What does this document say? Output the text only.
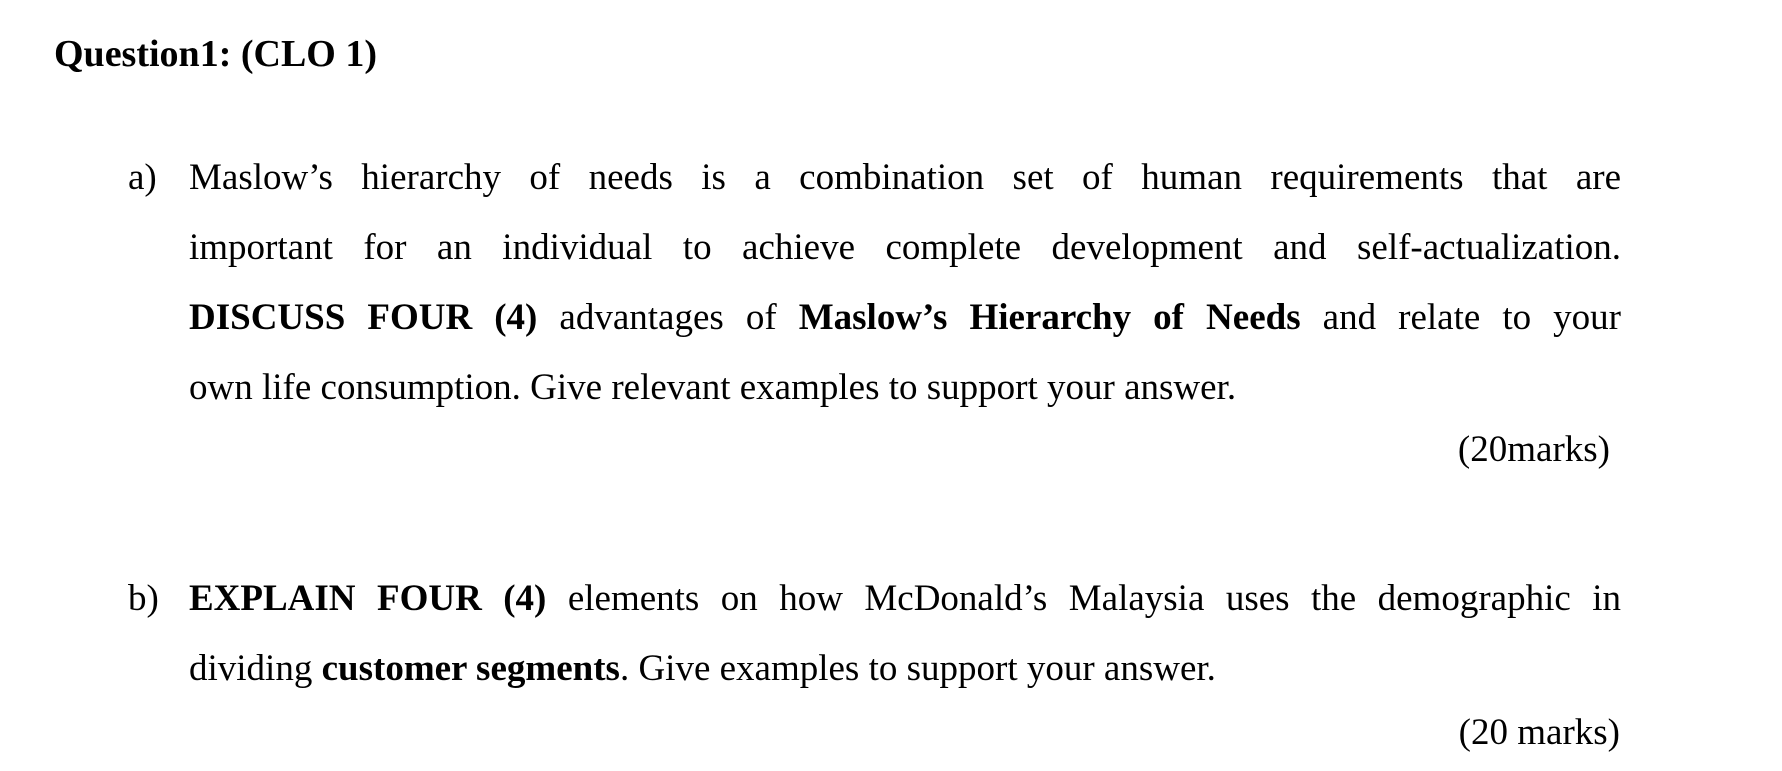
Question1: (CLO 1)
a) Maslow’s hierarchy of needs is a combination set of human requirements that are
important for an individual to achieve complete development and self-actualization.
DISCUSS FOUR (4) advantages of Maslow’s Hierarchy of Needs and relate to your
own life consumption. Give relevant examples to support your answer.
(20marks)
b) EXPLAIN FOUR (4) elements on how McDonald’s Malaysia uses the demographic in
dividing customer segments. Give examples to support your answer.
(20 marks)
